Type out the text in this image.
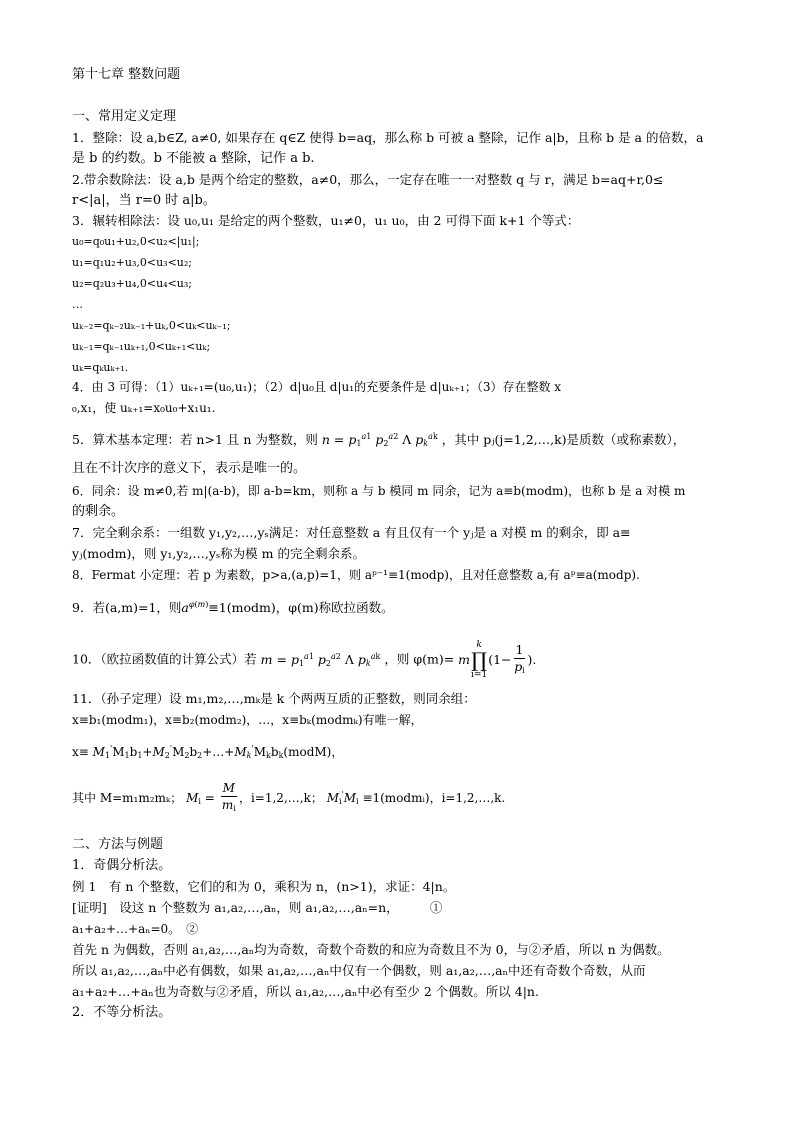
第十七章 整数问题
一、常用定义定理
1．整除：设 a,b∈Z, a≠0, 如果存在 q∈Z 使得 b=aq，那么称 b 可被 a 整除，记作 a|b，且称 b 是 a 的倍数，a
是 b 的约数。b 不能被 a 整除，记作 a b.
2.带余数除法：设 a,b 是两个给定的整数，a≠0，那么，一定存在唯一一对整数 q 与 r，满足 b=aq+r,0≤
r<|a|，当 r=0 时 a|b。
3．辗转相除法：设 u₀,u₁ 是给定的两个整数，u₁≠0，u₁ u₀，由 2 可得下面 k+1 个等式：
u₀=q₀u₁+u₂,0<u₂<|u₁|;
u₁=q₁u₂+u₃,0<u₃<u₂;
u₂=q₂u₃+u₄,0<u₄<u₃;
…
uₖ₋₂=qₖ₋₂uₖ₋₁+uₖ,0<uₖ<uₖ₋₁;
uₖ₋₁=qₖ₋₁uₖ₊₁,0<uₖ₊₁<uₖ;
uₖ=qₖuₖ₊₁.
4．由 3 可得：（1）uₖ₊₁=(u₀,u₁)；（2）d|u₀且 d|u₁的充要条件是 d|uₖ₊₁；（3）存在整数 x
₀,x₁，使 uₖ₊₁=x₀u₀+x₁u₁.
5．算术基本定理：若 n>1 且 n 为整数，则 $n = p_1^{a1}$ $p_2^{a2}$ Λ $p_k^{ak}$ ，其中 pⱼ(j=1,2,…,k)是质数（或称素数），
且在不计次序的意义下，表示是唯一的。
6．同余：设 m≠0,若 m|(a-b)，即 a-b=km，则称 a 与 b 模同 m 同余，记为 a≡b(modm)，也称 b 是 a 对模 m
的剩余。
7．完全剩余系：一组数 y₁,y₂,…,yₛ满足：对任意整数 a 有且仅有一个 yⱼ是 a 对模 m 的剩余，即 a≡
yⱼ(modm)，则 y₁,y₂,…,yₛ称为模 m 的完全剩余系。
8．Fermat 小定理：若 p 为素数，p>a,(a,p)=1，则 aᵖ⁻¹≡1(modp)，且对任意整数 a,有 aᵖ≡a(modp).
9．若(a,m)=1，则$a^{\varphi(m)}\equiv 1(modm)$，φ(m)称欧拉函数。
10．（欧拉函数值的计算公式）若 $m = p_1^{a1}$ $p_2^{a2}$ Λ $p_k^{ak}$ ，则 φ(m)= mk
∏
$i=1(1- \frac{1}{p_i}$ ).
11．（孙子定理）设 m₁,m₂,…,mₖ是 k 个两两互质的正整数，则同余组：
x≡b₁(modm₁)，x≡b₂(modm₂)，…，x≡bₖ(modmₖ)有唯一解，
$x\equiv M_1'M_1b_1+M_2'M_2b_2+\dots+M_k'M_kb_k(modM)$，
其中 M=m₁m₂mₖ； $M_i = \frac{M}{m_i}$ ，i=1,2,…,k； $M_i'M_i$ ≡1(modmᵢ)，i=1,2,…,k.
二、方法与例题
1．奇偶分析法。
例 1　有 n 个整数，它们的和为 0，乘积为 n，(n>1)，求证：4|n。
[证明]　设这 n 个整数为 a₁,a₂,…,aₙ，则 a₁,a₂,…,aₙ=n，　　　①
a₁+a₂+…+aₙ=0。　②
首先 n 为偶数，否则 a₁,a₂,…,aₙ均为奇数，奇数个奇数的和应为奇数且不为 0，与②矛盾，所以 n 为偶数。
所以 a₁,a₂,…,aₙ中必有偶数，如果 a₁,a₂,…,aₙ中仅有一个偶数，则 a₁,a₂,…,aₙ中还有奇数个奇数，从而
a₁+a₂+…+aₙ也为奇数与②矛盾，所以 a₁,a₂,…,aₙ中必有至少 2 个偶数。所以 4|n.
2．不等分析法。
